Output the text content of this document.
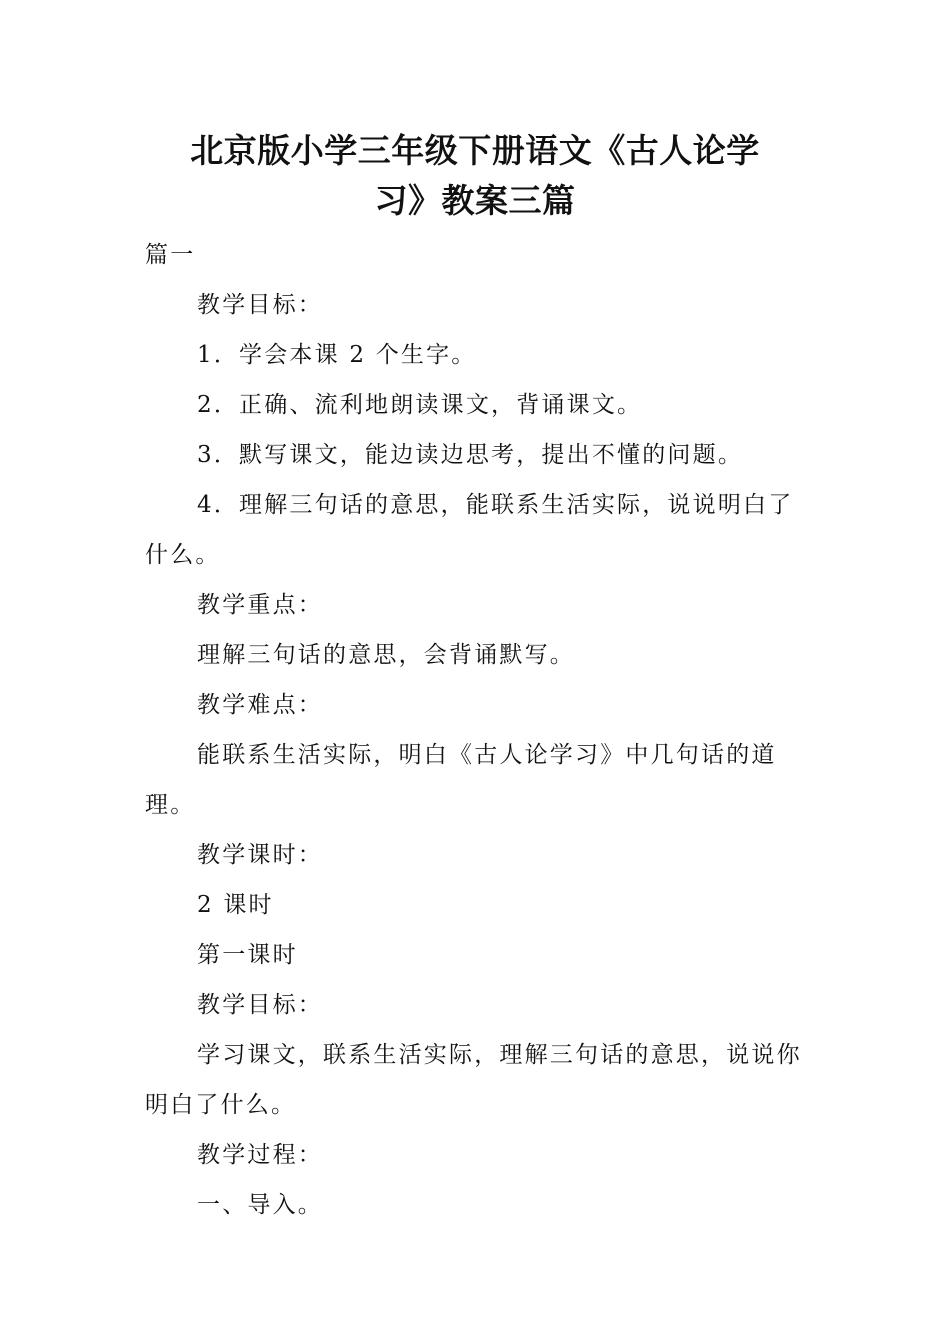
北京版小学三年级下册语文《古人论学
习》教案三篇

篇一

教学目标：

1．学会本课 2 个生字。

2．正确、流利地朗读课文，背诵课文。

3．默写课文，能边读边思考，提出不懂的问题。

4．理解三句话的意思，能联系生活实际，说说明白了什么。

教学重点：

理解三句话的意思，会背诵默写。

教学难点：

能联系生活实际，明白《古人论学习》中几句话的道理。

教学课时：

2 课时

第一课时

教学目标：

学习课文，联系生活实际，理解三句话的意思，说说你明白了什么。

教学过程：

一、导入。
